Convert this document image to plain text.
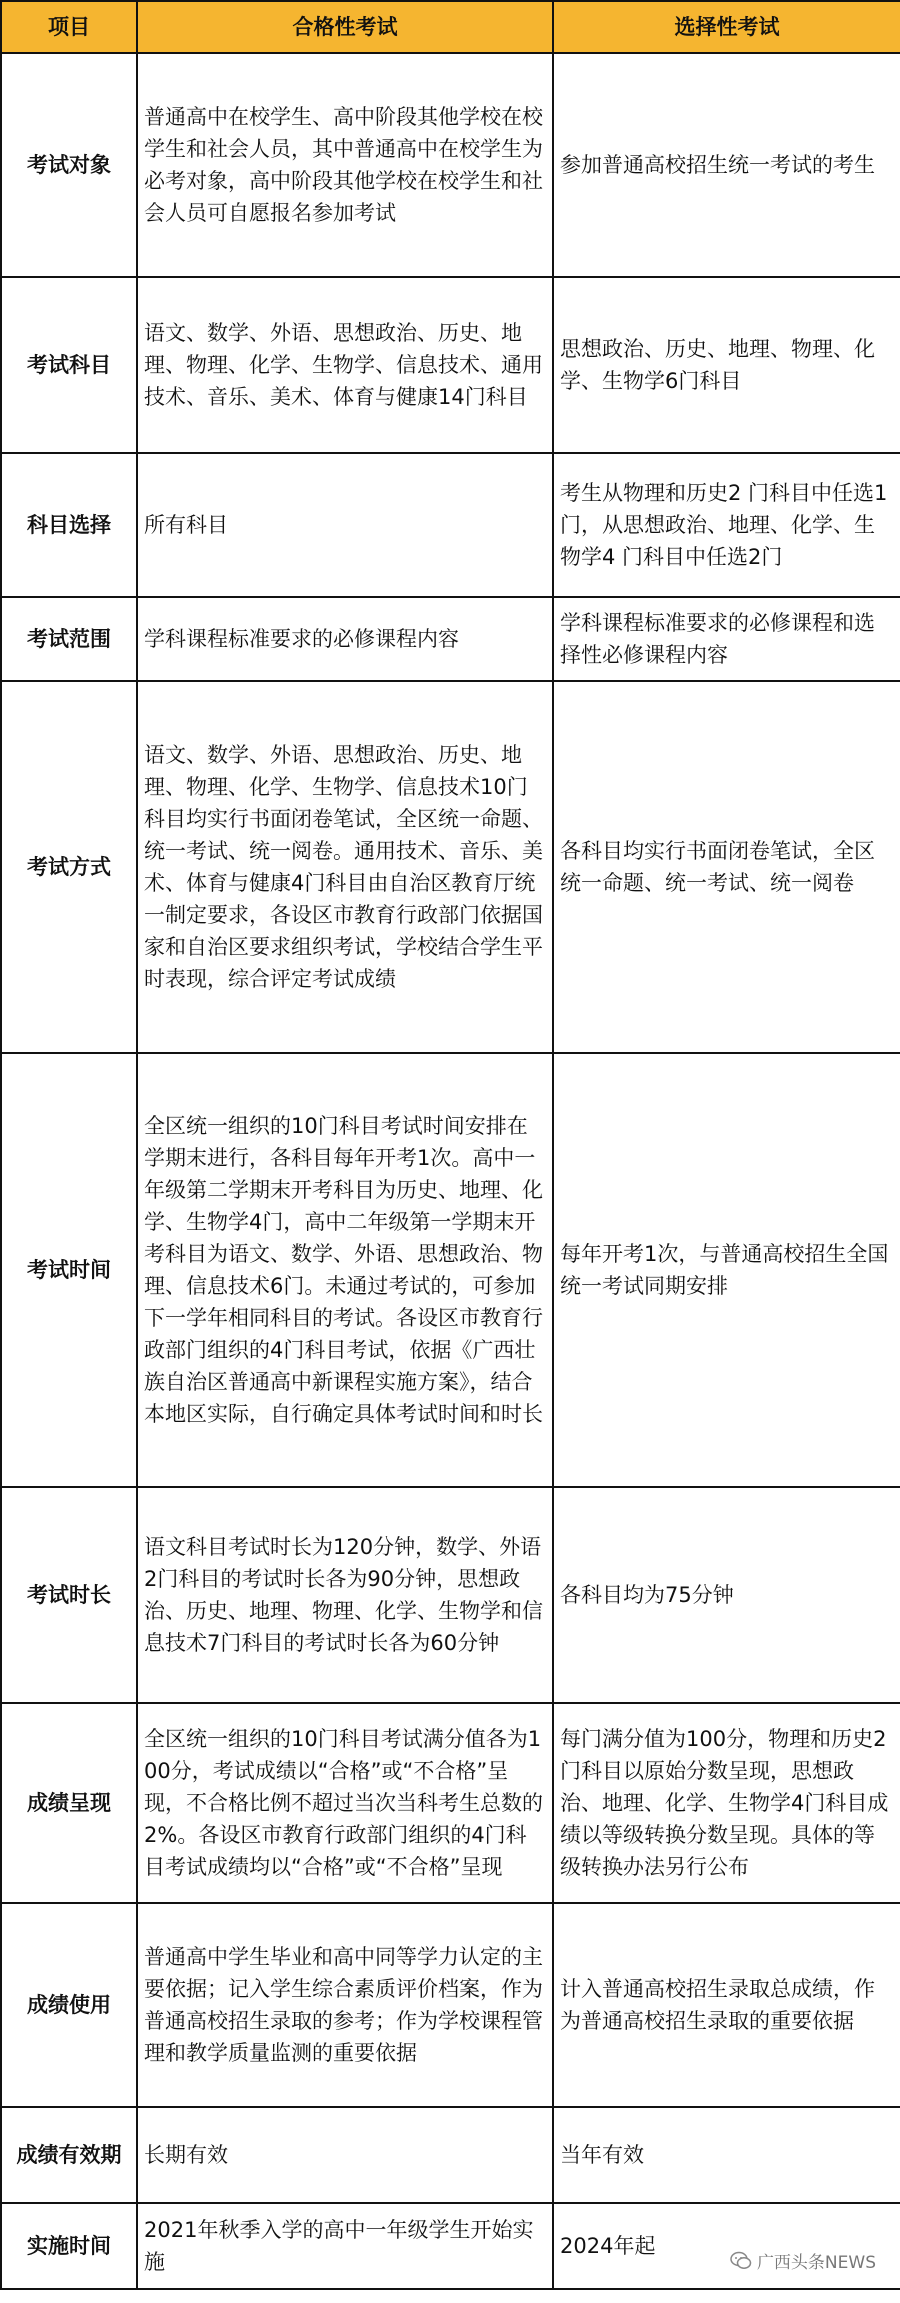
项目	合格性考试	选择性考试
考试对象	普通高中在校学生、高中阶段其他学校在校学生和社会人员，其中普通高中在校学生为必考对象，高中阶段其他学校在校学生和社会人员可自愿报名参加考试	参加普通高校招生统一考试的考生
考试科目	语文、数学、外语、思想政治、历史、地理、物理、化学、生物学、信息技术、通用技术、音乐、美术、体育与健康14门科目	思想政治、历史、地理、物理、化学、生物学6门科目
科目选择	所有科目	考生从物理和历史2 门科目中任选1 门，从思想政治、地理、化学、生物学4 门科目中任选2门
考试范围	学科课程标准要求的必修课程内容	学科课程标准要求的必修课程和选择性必修课程内容
考试方式	语文、数学、外语、思想政治、历史、地理、物理、化学、生物学、信息技术10门科目均实行书面闭卷笔试，全区统一命题、统一考试、统一阅卷。通用技术、音乐、美术、体育与健康4门科目由自治区教育厅统一制定要求，各设区市教育行政部门依据国家和自治区要求组织考试，学校结合学生平时表现，综合评定考试成绩	各科目均实行书面闭卷笔试，全区统一命题、统一考试、统一阅卷
考试时间	全区统一组织的10门科目考试时间安排在学期末进行，各科目每年开考1次。高中一年级第二学期末开考科目为历史、地理、化学、生物学4门，高中二年级第一学期末开考科目为语文、数学、外语、思想政治、物理、信息技术6门。未通过考试的，可参加下一学年相同科目的考试。各设区市教育行政部门组织的4门科目考试，依据《广西壮族自治区普通高中新课程实施方案》，结合本地区实际，自行确定具体考试时间和时长	每年开考1次，与普通高校招生全国统一考试同期安排
考试时长	语文科目考试时长为120分钟，数学、外语2门科目的考试时长各为90分钟，思想政治、历史、地理、物理、化学、生物学和信息技术7门科目的考试时长各为60分钟	各科目均为75分钟
成绩呈现	全区统一组织的10门科目考试满分值各为100分，考试成绩以“合格”或“不合格”呈现，不合格比例不超过当次当科考生总数的2%。各设区市教育行政部门组织的4门科目考试成绩均以“合格”或“不合格”呈现	每门满分值为100分，物理和历史2门科目以原始分数呈现，思想政治、地理、化学、生物学4门科目成绩以等级转换分数呈现。具体的等级转换办法另行公布
成绩使用	普通高中学生毕业和高中同等学力认定的主要依据；记入学生综合素质评价档案，作为普通高校招生录取的参考；作为学校课程管理和教学质量监测的重要依据	计入普通高校招生录取总成绩，作为普通高校招生录取的重要依据
成绩有效期	长期有效	当年有效
实施时间	2021年秋季入学的高中一年级学生开始实施	2024年起
广西头条NEWS
